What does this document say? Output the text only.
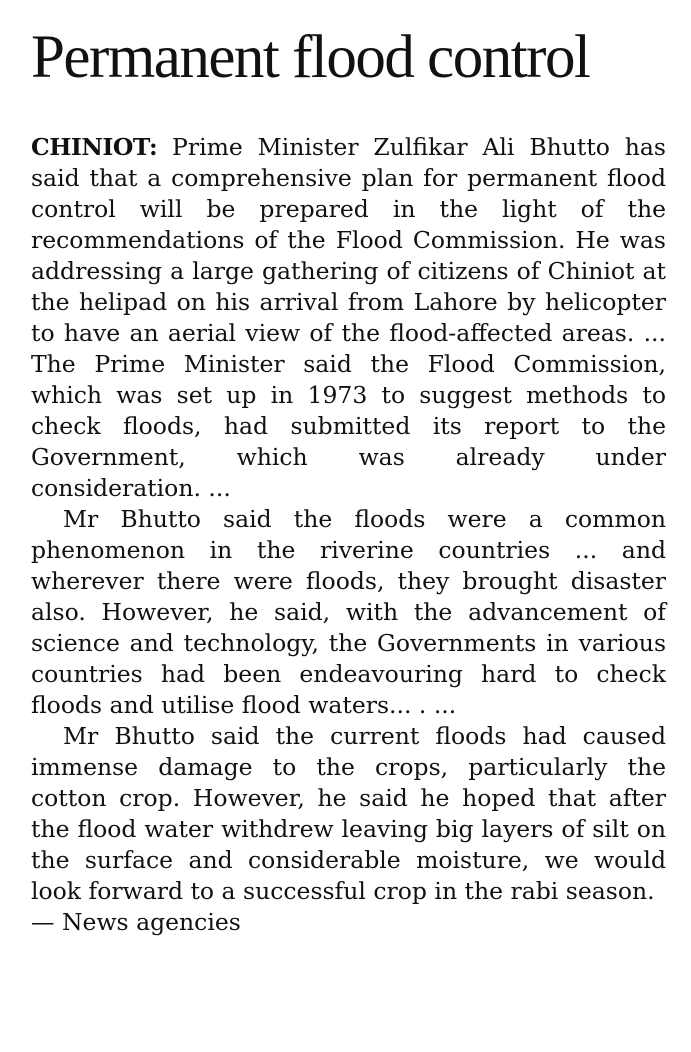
Permanent flood control

CHINIOT: Prime Minister Zulfikar Ali Bhutto has said that a comprehensive plan for permanent flood control will be prepared in the light of the recommendations of the Flood Commission. He was addressing a large gathering of citizens of Chiniot at the helipad on his arrival from Lahore by helicopter to have an aerial view of the flood-affected areas. ... The Prime Minister said the Flood Commission, which was set up in 1973 to suggest methods to check floods, had submitted its report to the Government, which was already under consideration. ...

Mr Bhutto said the floods were a common phenomenon in the riverine countries ... and wherever there were floods, they brought disaster also. However, he said, with the advancement of science and technology, the Governments in various countries had been endeavouring hard to check floods and utilise flood waters... . ...

Mr Bhutto said the current floods had caused immense damage to the crops, particularly the cotton crop. However, he said he hoped that after the flood water withdrew leaving big layers of silt on the surface and considerable moisture, we would look forward to a successful crop in the rabi season.

— News agencies
